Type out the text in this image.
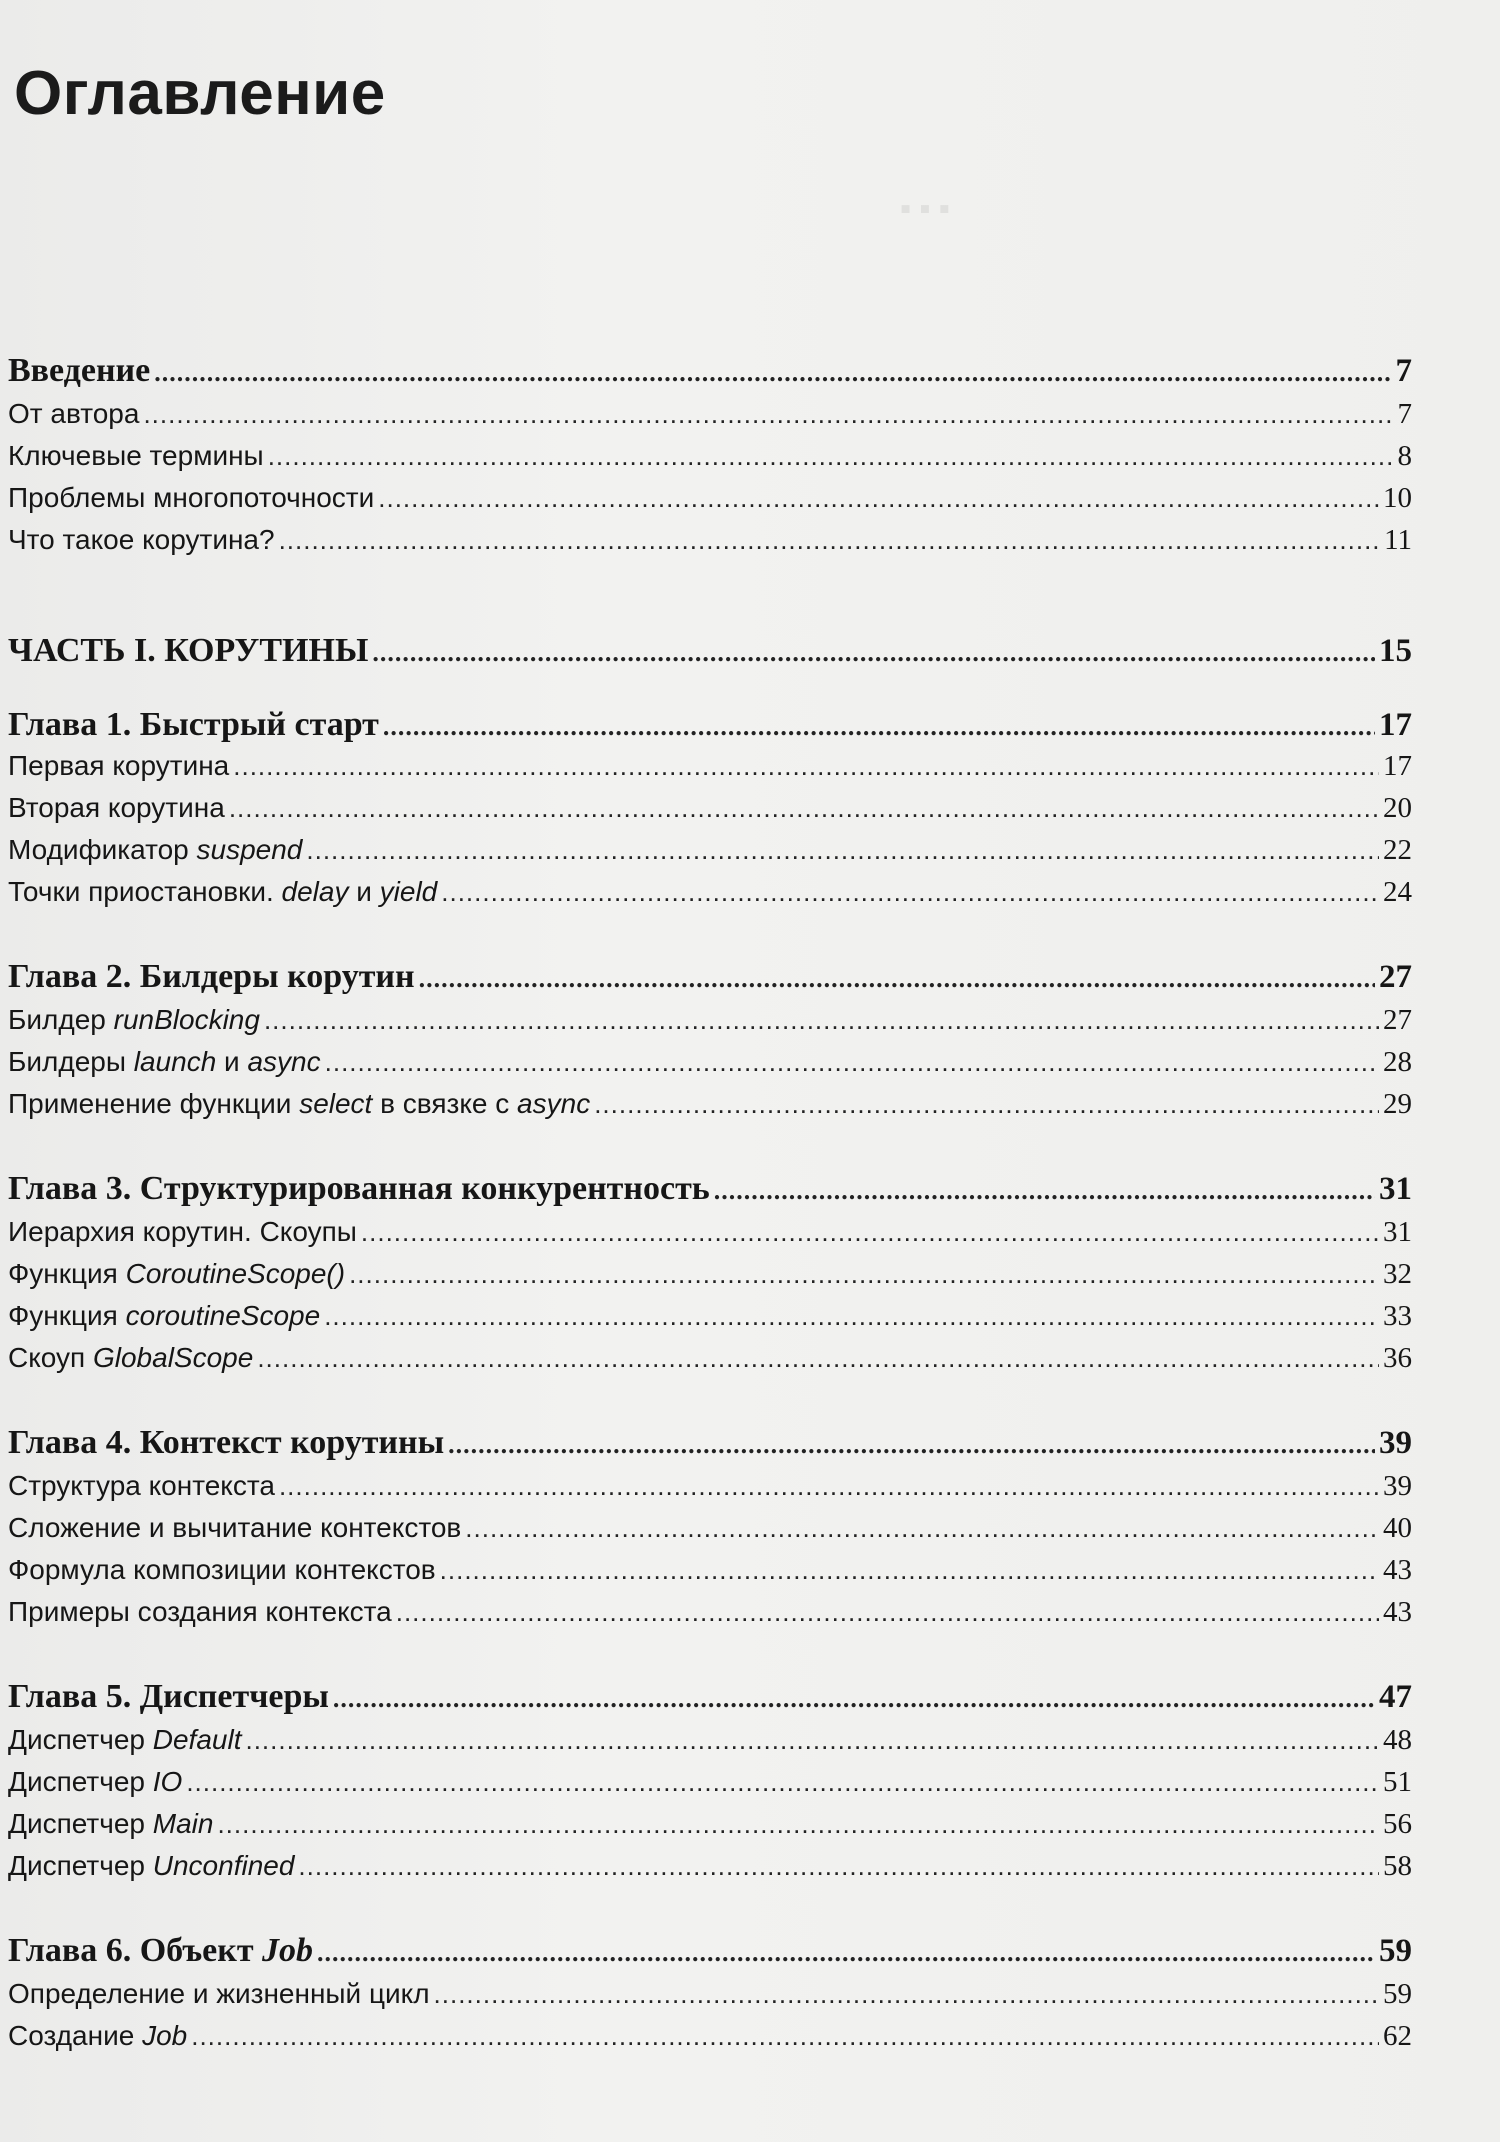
▪ ▪ ▪
Оглавление
Введение .....	7
От автора .....	7
Ключевые термины .....	8
Проблемы многопоточности .....	10
Что такое корутина? .....	11
ЧАСТЬ I. КОРУТИНЫ .....	15
Глава 1. Быстрый старт .....	17
Первая корутина .....	17
Вторая корутина .....	20
Модификатор suspend .....	22
Точки приостановки. delay и yield .....	24
Глава 2. Билдеры корутин .....	27
Билдер runBlocking .....	27
Билдеры launch и async .....	28
Применение функции select в связке с async .....	29
Глава 3. Структурированная конкурентность .....	31
Иерархия корутин. Скоупы .....	31
Функция CoroutineScope() .....	32
Функция coroutineScope .....	33
Скоуп GlobalScope .....	36
Глава 4. Контекст корутины .....	39
Структура контекста .....	39
Сложение и вычитание контекстов .....	40
Формула композиции контекстов .....	43
Примеры создания контекста .....	43
Глава 5. Диспетчеры .....	47
Диспетчер Default .....	48
Диспетчер IO .....	51
Диспетчер Main .....	56
Диспетчер Unconfined .....	58
Глава 6. Объект Job .....	59
Определение и жизненный цикл .....	59
Создание Job .....	62
